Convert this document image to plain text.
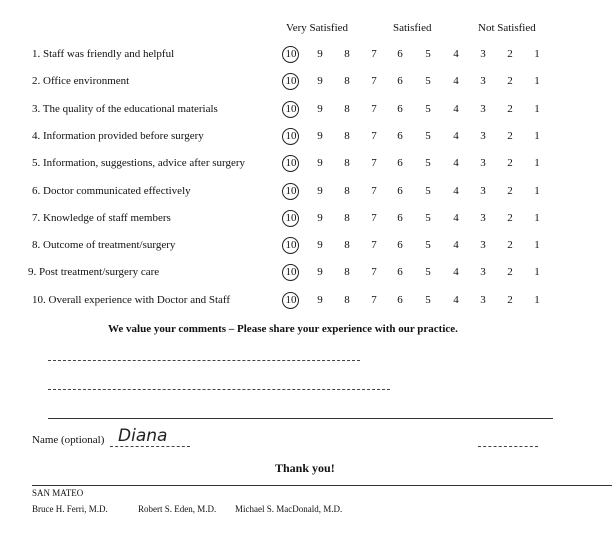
Very Satisfied	Satisfied	Not Satisfied
1. Staff was friendly and helpful	10	9	8	7	6	5	4	3	2	1
2. Office environment	10	9	8	7	6	5	4	3	2	1
3. The quality of the educational materials	10	9	8	7	6	5	4	3	2	1
4. Information provided before surgery	10	9	8	7	6	5	4	3	2	1
5. Information, suggestions, advice after surgery	10	9	8	7	6	5	4	3	2	1
6. Doctor communicated effectively	10	9	8	7	6	5	4	3	2	1
7. Knowledge of staff members	10	9	8	7	6	5	4	3	2	1
8. Outcome of treatment/surgery	10	9	8	7	6	5	4	3	2	1
9. Post treatment/surgery care	10	9	8	7	6	5	4	3	2	1
10. Overall experience with Doctor and Staff	10	9	8	7	6	5	4	3	2	1
We value your comments – Please share your experience with our practice.
Name (optional) Diana
Thank you!
SAN MATEO
Bruce H. Ferri, M.D.	Robert S. Eden, M.D. Michael S. MacDonald, M.D.
